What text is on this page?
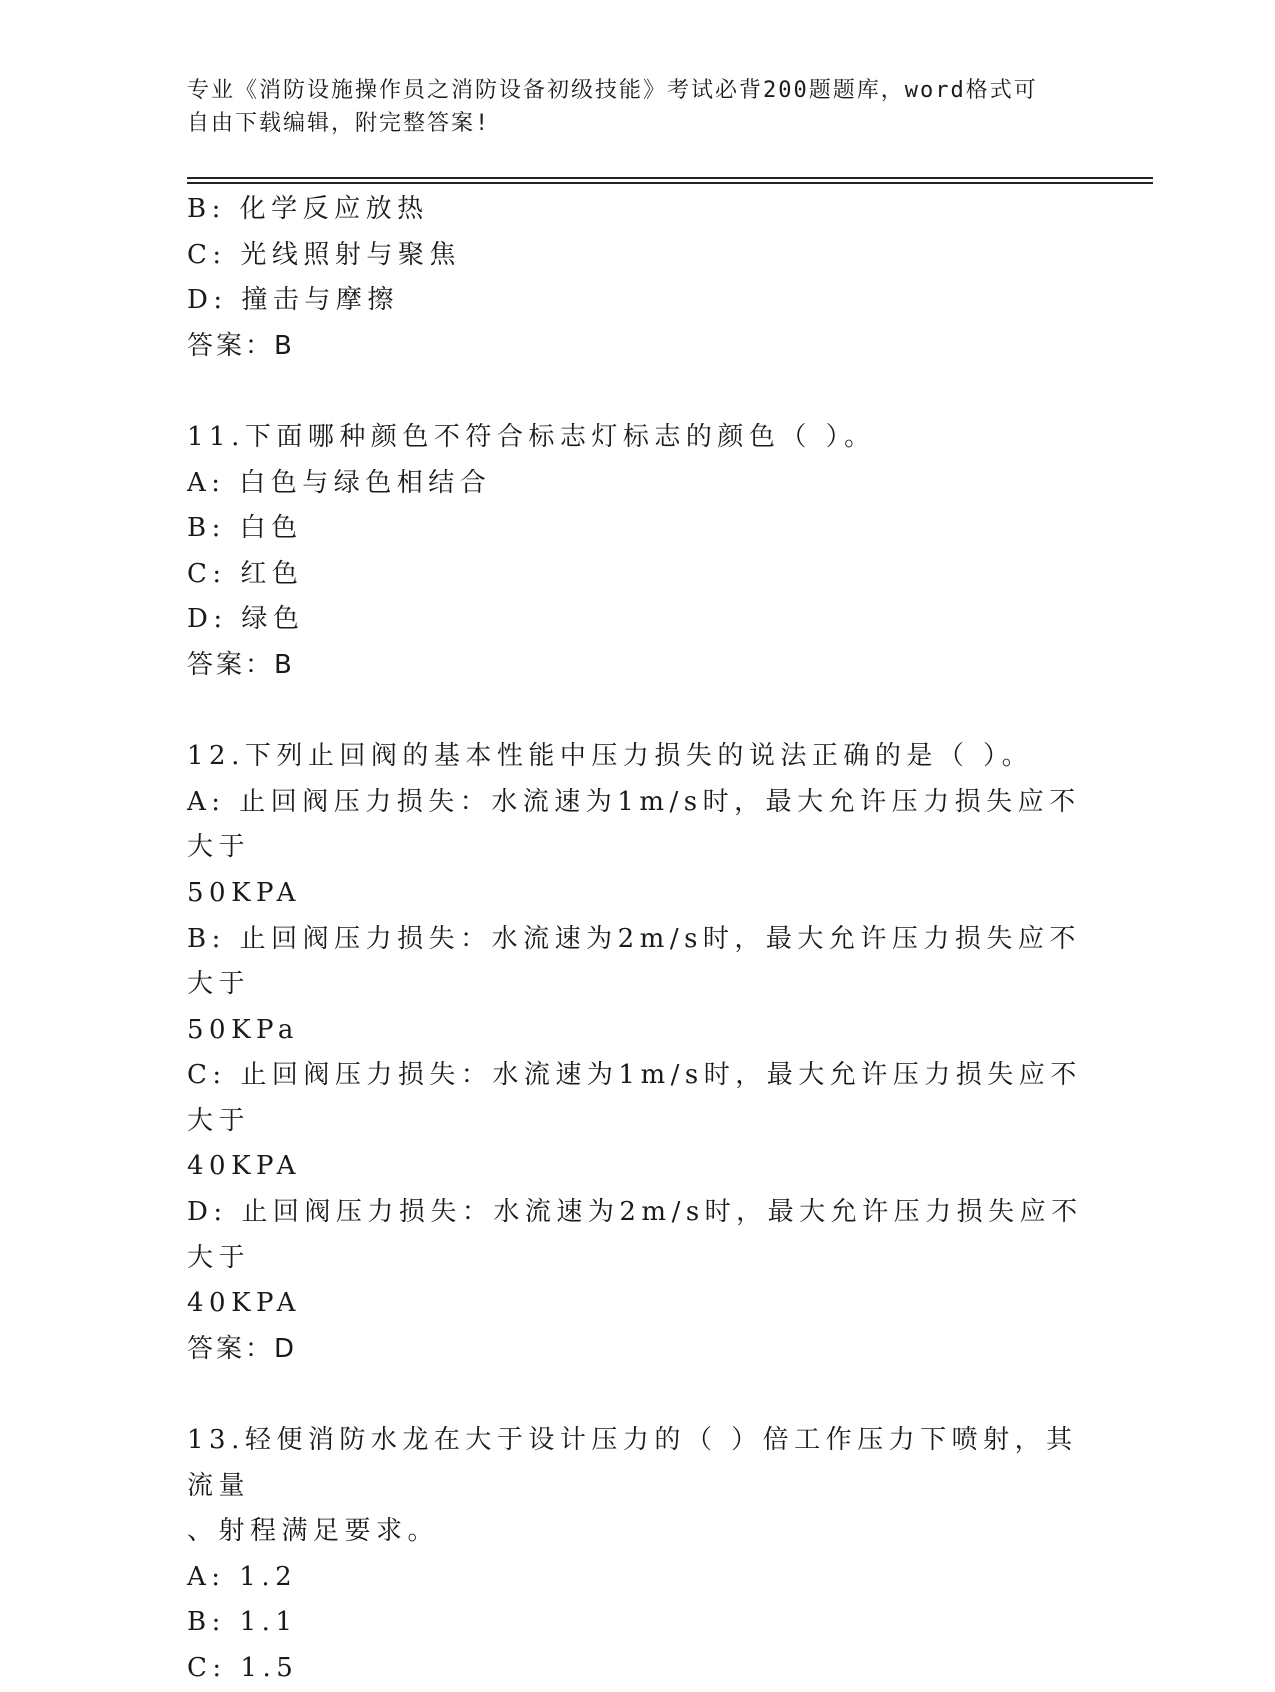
专业《消防设施操作员之消防设备初级技能》考试必背200题题库，word格式可
自由下载编辑，附完整答案!
B: 化学反应放热
C: 光线照射与聚焦
D: 撞击与摩擦
答案：B
11.下面哪种颜色不符合标志灯标志的颜色（ ）。
A: 白色与绿色相结合
B: 白色
C: 红色
D: 绿色
答案：B
12.下列止回阀的基本性能中压力损失的说法正确的是（ ）。
A: 止回阀压力损失：水流速为1m/s时，最大允许压力损失应不大于
50KPA
B: 止回阀压力损失：水流速为2m/s时，最大允许压力损失应不大于
50KPa
C: 止回阀压力损失：水流速为1m/s时，最大允许压力损失应不大于
40KPA
D: 止回阀压力损失：水流速为2m/s时，最大允许压力损失应不大于
40KPA
答案：D
13.轻便消防水龙在大于设计压力的（ ）倍工作压力下喷射，其流量
、射程满足要求。
A: 1.2
B: 1.1
C: 1.5
